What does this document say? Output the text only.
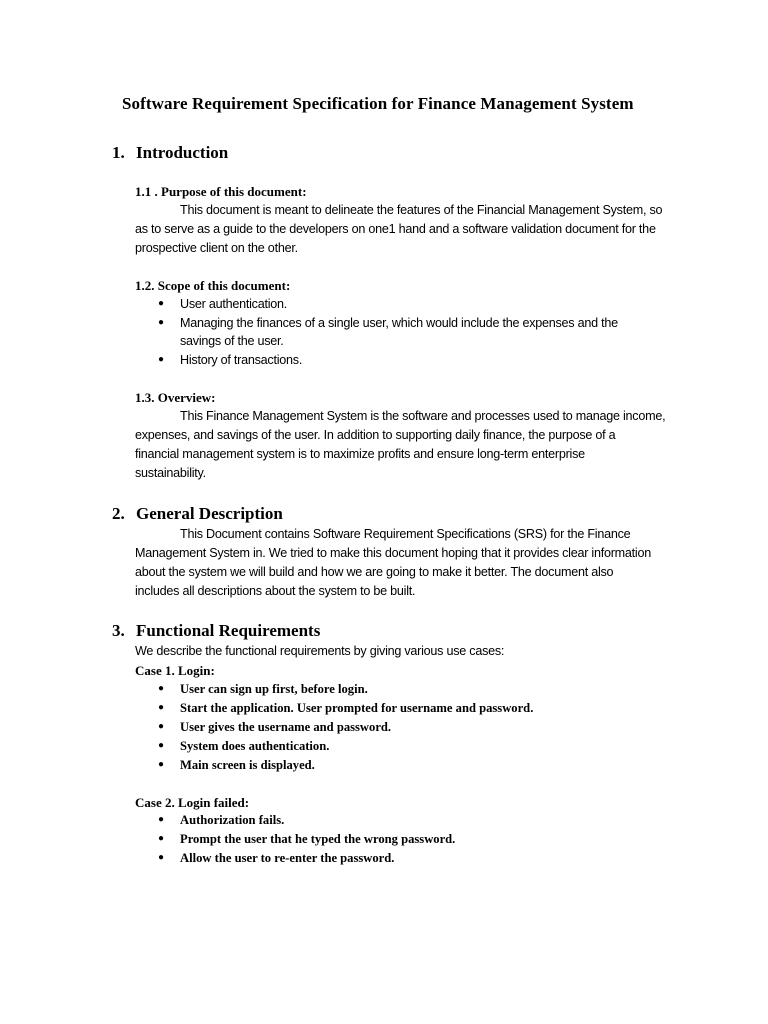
Software Requirement Specification for Finance Management System
1. Introduction
1.1 . Purpose of this document:
This document is meant to delineate the features of the Financial Management System, so
as to serve as a guide to the developers on one1 hand and a software validation document for the
prospective client on the other.
1.2. Scope of this document:
● User authentication.
● Managing the finances of a single user, which would include the expenses and the
savings of the user.
● History of transactions.
1.3. Overview:
This Finance Management System is the software and processes used to manage income,
expenses, and savings of the user. In addition to supporting daily finance, the purpose of a
financial management system is to maximize profits and ensure long-term enterprise
sustainability.
2. General Description
This Document contains Software Requirement Specifications (SRS) for the Finance
Management System in. We tried to make this document hoping that it provides clear information
about the system we will build and how we are going to make it better. The document also
includes all descriptions about the system to be built.
3. Functional Requirements
We describe the functional requirements by giving various use cases:
Case 1. Login:
● User can sign up first, before login.
● Start the application. User prompted for username and password.
● User gives the username and password.
● System does authentication.
● Main screen is displayed.
Case 2. Login failed:
● Authorization fails.
● Prompt the user that he typed the wrong password.
● Allow the user to re-enter the password.
